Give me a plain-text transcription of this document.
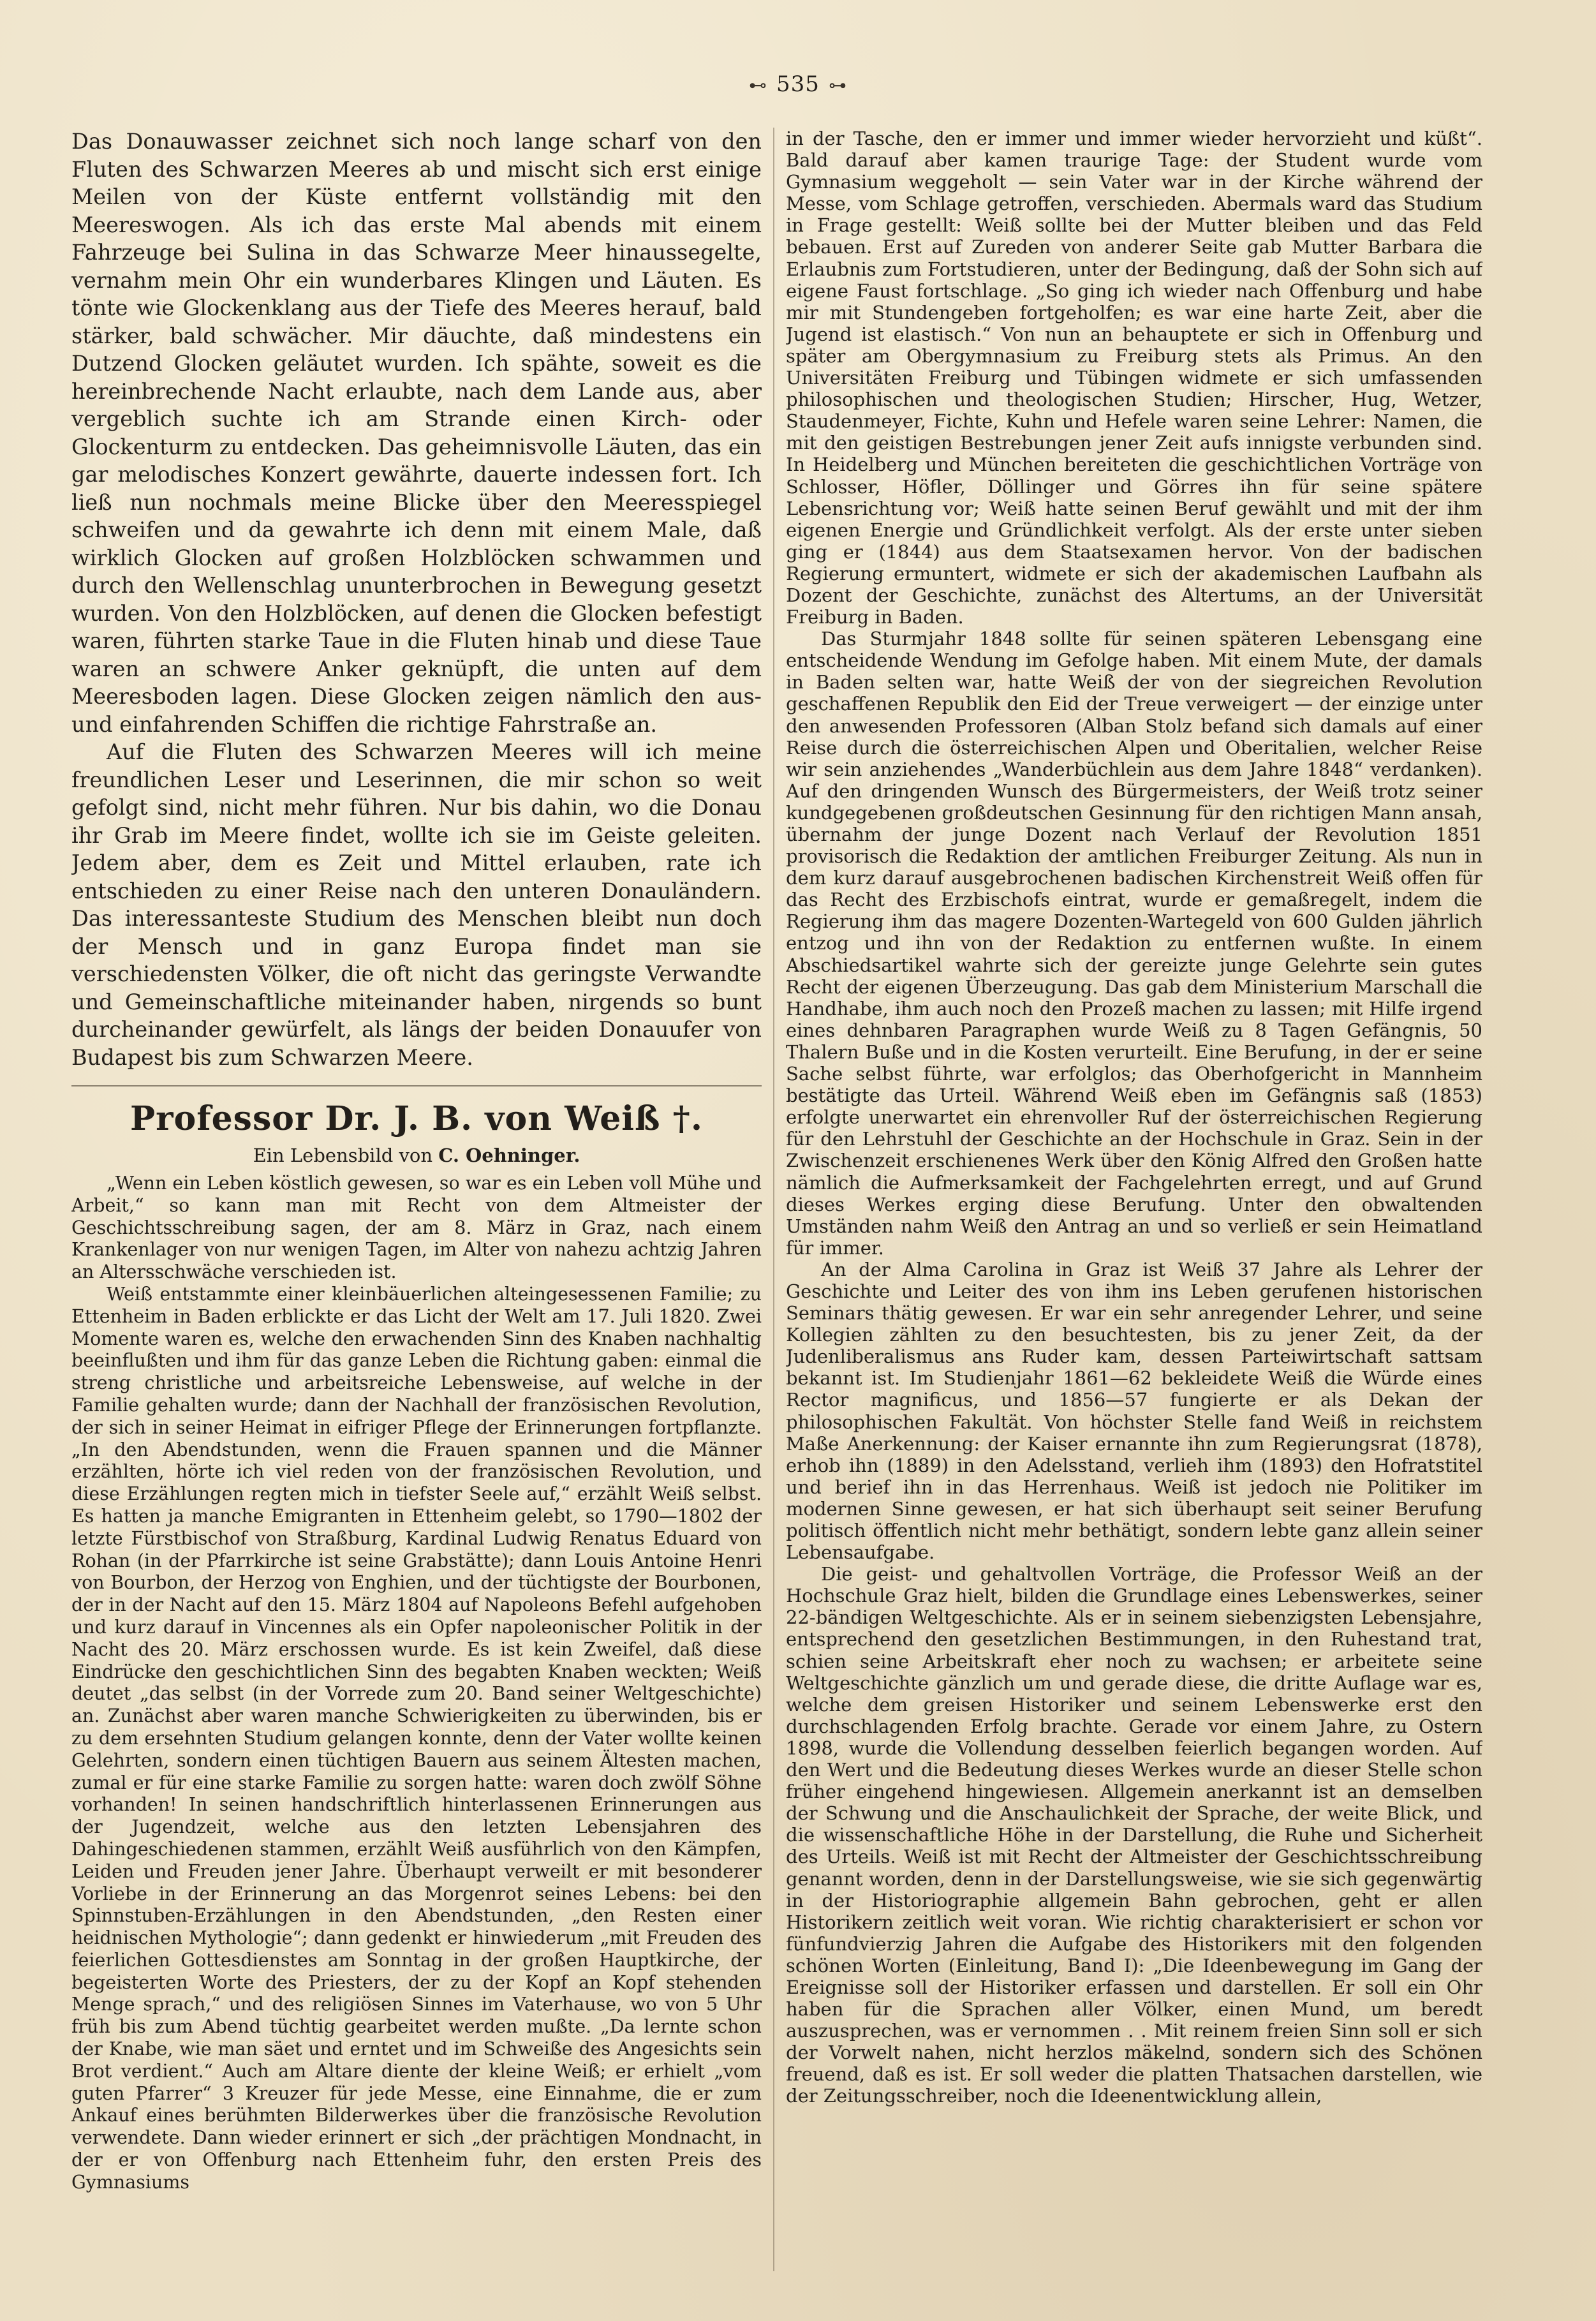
⊷ 535 ⊶

Das Donauwasser zeichnet sich noch lange scharf von den Fluten des Schwarzen Meeres ab und mischt sich erst einige Meilen von der Küste entfernt vollständig mit den Meereswogen. Als ich das erste Mal abends mit einem Fahrzeuge bei Sulina in das Schwarze Meer hinaussegelte, vernahm mein Ohr ein wunderbares Klingen und Läuten. Es tönte wie Glockenklang aus der Tiefe des Meeres herauf, bald stärker, bald schwächer. Mir däuchte, daß mindestens ein Dutzend Glocken geläutet wurden. Ich spähte, soweit es die hereinbrechende Nacht erlaubte, nach dem Lande aus, aber vergeblich suchte ich am Strande einen Kirch- oder Glockenturm zu entdecken. Das geheimnisvolle Läuten, das ein gar melodisches Konzert gewährte, dauerte indessen fort. Ich ließ nun nochmals meine Blicke über den Meeresspiegel schweifen und da gewahrte ich denn mit einem Male, daß wirklich Glocken auf großen Holzblöcken schwammen und durch den Wellenschlag ununterbrochen in Bewegung gesetzt wurden. Von den Holzblöcken, auf denen die Glocken befestigt waren, führten starke Taue in die Fluten hinab und diese Taue waren an schwere Anker geknüpft, die unten auf dem Meeresboden lagen. Diese Glocken zeigen nämlich den aus- und einfahrenden Schiffen die richtige Fahrstraße an.

Auf die Fluten des Schwarzen Meeres will ich meine freundlichen Leser und Leserinnen, die mir schon so weit gefolgt sind, nicht mehr führen. Nur bis dahin, wo die Donau ihr Grab im Meere findet, wollte ich sie im Geiste geleiten. Jedem aber, dem es Zeit und Mittel erlauben, rate ich entschieden zu einer Reise nach den unteren Donauländern. Das interessanteste Studium des Menschen bleibt nun doch der Mensch und in ganz Europa findet man sie verschiedensten Völker, die oft nicht das geringste Verwandte und Gemeinschaftliche miteinander haben, nirgends so bunt durcheinander gewürfelt, als längs der beiden Donauufer von Budapest bis zum Schwarzen Meere.

Professor Dr. J. B. von Weiß †.
Ein Lebensbild von C. Oehninger.

„Wenn ein Leben köstlich gewesen, so war es ein Leben voll Mühe und Arbeit,“ so kann man mit Recht von dem Altmeister der Geschichtsschreibung sagen, der am 8. März in Graz, nach einem Krankenlager von nur wenigen Tagen, im Alter von nahezu achtzig Jahren an Altersschwäche verschieden ist.

Weiß entstammte einer kleinbäuerlichen alteingesessenen Familie; zu Ettenheim in Baden erblickte er das Licht der Welt am 17. Juli 1820. Zwei Momente waren es, welche den erwachenden Sinn des Knaben nachhaltig beeinflußten und ihm für das ganze Leben die Richtung gaben: einmal die streng christliche und arbeitsreiche Lebensweise, auf welche in der Familie gehalten wurde; dann der Nachhall der französischen Revolution, der sich in seiner Heimat in eifriger Pflege der Erinnerungen fortpflanzte. „In den Abendstunden, wenn die Frauen spannen und die Männer erzählten, hörte ich viel reden von der französischen Revolution, und diese Erzählungen regten mich in tiefster Seele auf,“ erzählt Weiß selbst. Es hatten ja manche Emigranten in Ettenheim gelebt, so 1790—1802 der letzte Fürstbischof von Straßburg, Kardinal Ludwig Renatus Eduard von Rohan (in der Pfarrkirche ist seine Grabstätte); dann Louis Antoine Henri von Bourbon, der Herzog von Enghien, und der tüchtigste der Bourbonen, der in der Nacht auf den 15. März 1804 auf Napoleons Befehl aufgehoben und kurz darauf in Vincennes als ein Opfer napoleonischer Politik in der Nacht des 20. März erschossen wurde. Es ist kein Zweifel, daß diese Eindrücke den geschichtlichen Sinn des begabten Knaben weckten; Weiß deutet „das selbst (in der Vorrede zum 20. Band seiner Weltgeschichte) an. Zunächst aber waren manche Schwierigkeiten zu überwinden, bis er zu dem ersehnten Studium gelangen konnte, denn der Vater wollte keinen Gelehrten, sondern einen tüchtigen Bauern aus seinem Ältesten machen, zumal er für eine starke Familie zu sorgen hatte: waren doch zwölf Söhne vorhanden! In seinen handschriftlich hinterlassenen Erinnerungen aus der Jugendzeit, welche aus den letzten Lebensjahren des Dahingeschiedenen stammen, erzählt Weiß ausführlich von den Kämpfen, Leiden und Freuden jener Jahre. Überhaupt verweilt er mit besonderer Vorliebe in der Erinnerung an das Morgenrot seines Lebens: bei den Spinnstuben-Erzählungen in den Abendstunden, „den Resten einer heidnischen Mythologie“; dann gedenkt er hinwiederum „mit Freuden des feierlichen Gottesdienstes am Sonntag in der großen Hauptkirche, der begeisterten Worte des Priesters, der zu der Kopf an Kopf stehenden Menge sprach,“ und des religiösen Sinnes im Vaterhause, wo von 5 Uhr früh bis zum Abend tüchtig gearbeitet werden mußte. „Da lernte schon der Knabe, wie man säet und erntet und im Schweiße des Angesichts sein Brot verdient.“ Auch am Altare diente der kleine Weiß; er erhielt „vom guten Pfarrer“ 3 Kreuzer für jede Messe, eine Einnahme, die er zum Ankauf eines berühmten Bilderwerkes über die französische Revolution verwendete. Dann wieder erinnert er sich „der prächtigen Mondnacht, in der er von Offenburg nach Ettenheim fuhr, den ersten Preis des Gymnasiums

in der Tasche, den er immer und immer wieder hervorzieht und küßt“. Bald darauf aber kamen traurige Tage: der Student wurde vom Gymnasium weggeholt — sein Vater war in der Kirche während der Messe, vom Schlage getroffen, verschieden. Abermals ward das Studium in Frage gestellt: Weiß sollte bei der Mutter bleiben und das Feld bebauen. Erst auf Zureden von anderer Seite gab Mutter Barbara die Erlaubnis zum Fortstudieren, unter der Bedingung, daß der Sohn sich auf eigene Faust fortschlage. „So ging ich wieder nach Offenburg und habe mir mit Stundengeben fortgeholfen; es war eine harte Zeit, aber die Jugend ist elastisch.“ Von nun an behauptete er sich in Offenburg und später am Obergymnasium zu Freiburg stets als Primus. An den Universitäten Freiburg und Tübingen widmete er sich umfassenden philosophischen und theologischen Studien; Hirscher, Hug, Wetzer, Staudenmeyer, Fichte, Kuhn und Hefele waren seine Lehrer: Namen, die mit den geistigen Bestrebungen jener Zeit aufs innigste verbunden sind. In Heidelberg und München bereiteten die geschichtlichen Vorträge von Schlosser, Höfler, Döllinger und Görres ihn für seine spätere Lebensrichtung vor; Weiß hatte seinen Beruf gewählt und mit der ihm eigenen Energie und Gründlichkeit verfolgt. Als der erste unter sieben ging er (1844) aus dem Staatsexamen hervor. Von der badischen Regierung ermuntert, widmete er sich der akademischen Laufbahn als Dozent der Geschichte, zunächst des Altertums, an der Universität Freiburg in Baden.

Das Sturmjahr 1848 sollte für seinen späteren Lebensgang eine entscheidende Wendung im Gefolge haben. Mit einem Mute, der damals in Baden selten war, hatte Weiß der von der siegreichen Revolution geschaffenen Republik den Eid der Treue verweigert — der einzige unter den anwesenden Professoren (Alban Stolz befand sich damals auf einer Reise durch die österreichischen Alpen und Oberitalien, welcher Reise wir sein anziehendes „Wanderbüchlein aus dem Jahre 1848“ verdanken). Auf den dringenden Wunsch des Bürgermeisters, der Weiß trotz seiner kundgegebenen großdeutschen Gesinnung für den richtigen Mann ansah, übernahm der junge Dozent nach Verlauf der Revolution 1851 provisorisch die Redaktion der amtlichen Freiburger Zeitung. Als nun in dem kurz darauf ausgebrochenen badischen Kirchenstreit Weiß offen für das Recht des Erzbischofs eintrat, wurde er gemaßregelt, indem die Regierung ihm das magere Dozenten-Wartegeld von 600 Gulden jährlich entzog und ihn von der Redaktion zu entfernen wußte. In einem Abschiedsartikel wahrte sich der gereizte junge Gelehrte sein gutes Recht der eigenen Überzeugung. Das gab dem Ministerium Marschall die Handhabe, ihm auch noch den Prozeß machen zu lassen; mit Hilfe irgend eines dehnbaren Paragraphen wurde Weiß zu 8 Tagen Gefängnis, 50 Thalern Buße und in die Kosten verurteilt. Eine Berufung, in der er seine Sache selbst führte, war erfolglos; das Oberhofgericht in Mannheim bestätigte das Urteil. Während Weiß eben im Gefängnis saß (1853) erfolgte unerwartet ein ehrenvoller Ruf der österreichischen Regierung für den Lehrstuhl der Geschichte an der Hochschule in Graz. Sein in der Zwischenzeit erschienenes Werk über den König Alfred den Großen hatte nämlich die Aufmerksamkeit der Fachgelehrten erregt, und auf Grund dieses Werkes erging diese Berufung. Unter den obwaltenden Umständen nahm Weiß den Antrag an und so verließ er sein Heimatland für immer.

An der Alma Carolina in Graz ist Weiß 37 Jahre als Lehrer der Geschichte und Leiter des von ihm ins Leben gerufenen historischen Seminars thätig gewesen. Er war ein sehr anregender Lehrer, und seine Kollegien zählten zu den besuchtesten, bis zu jener Zeit, da der Judenliberalismus ans Ruder kam, dessen Parteiwirtschaft sattsam bekannt ist. Im Studienjahr 1861—62 bekleidete Weiß die Würde eines Rector magnificus, und 1856—57 fungierte er als Dekan der philosophischen Fakultät. Von höchster Stelle fand Weiß in reichstem Maße Anerkennung: der Kaiser ernannte ihn zum Regierungsrat (1878), erhob ihn (1889) in den Adelsstand, verlieh ihm (1893) den Hofratstitel und berief ihn in das Herrenhaus. Weiß ist jedoch nie Politiker im modernen Sinne gewesen, er hat sich überhaupt seit seiner Berufung politisch öffentlich nicht mehr bethätigt, sondern lebte ganz allein seiner Lebensaufgabe.

Die geist- und gehaltvollen Vorträge, die Professor Weiß an der Hochschule Graz hielt, bilden die Grundlage eines Lebenswerkes, seiner 22-bändigen Weltgeschichte. Als er in seinem siebenzigsten Lebensjahre, entsprechend den gesetzlichen Bestimmungen, in den Ruhestand trat, schien seine Arbeitskraft eher noch zu wachsen; er arbeitete seine Weltgeschichte gänzlich um und gerade diese, die dritte Auflage war es, welche dem greisen Historiker und seinem Lebenswerke erst den durchschlagenden Erfolg brachte. Gerade vor einem Jahre, zu Ostern 1898, wurde die Vollendung desselben feierlich begangen worden. Auf den Wert und die Bedeutung dieses Werkes wurde an dieser Stelle schon früher eingehend hingewiesen. Allgemein anerkannt ist an demselben der Schwung und die Anschaulichkeit der Sprache, der weite Blick, und die wissenschaftliche Höhe in der Darstellung, die Ruhe und Sicherheit des Urteils. Weiß ist mit Recht der Altmeister der Geschichtsschreibung genannt worden, denn in der Darstellungsweise, wie sie sich gegenwärtig in der Historiographie allgemein Bahn gebrochen, geht er allen Historikern zeitlich weit voran. Wie richtig charakterisiert er schon vor fünfundvierzig Jahren die Aufgabe des Historikers mit den folgenden schönen Worten (Einleitung, Band I): „Die Ideenbewegung im Gang der Ereignisse soll der Historiker erfassen und darstellen. Er soll ein Ohr haben für die Sprachen aller Völker, einen Mund, um beredt auszusprechen, was er vernommen . . Mit reinem freien Sinn soll er sich der Vorwelt nahen, nicht herzlos mäkelnd, sondern sich des Schönen freuend, daß es ist. Er soll weder die platten Thatsachen darstellen, wie der Zeitungsschreiber, noch die Ideenentwicklung allein,
